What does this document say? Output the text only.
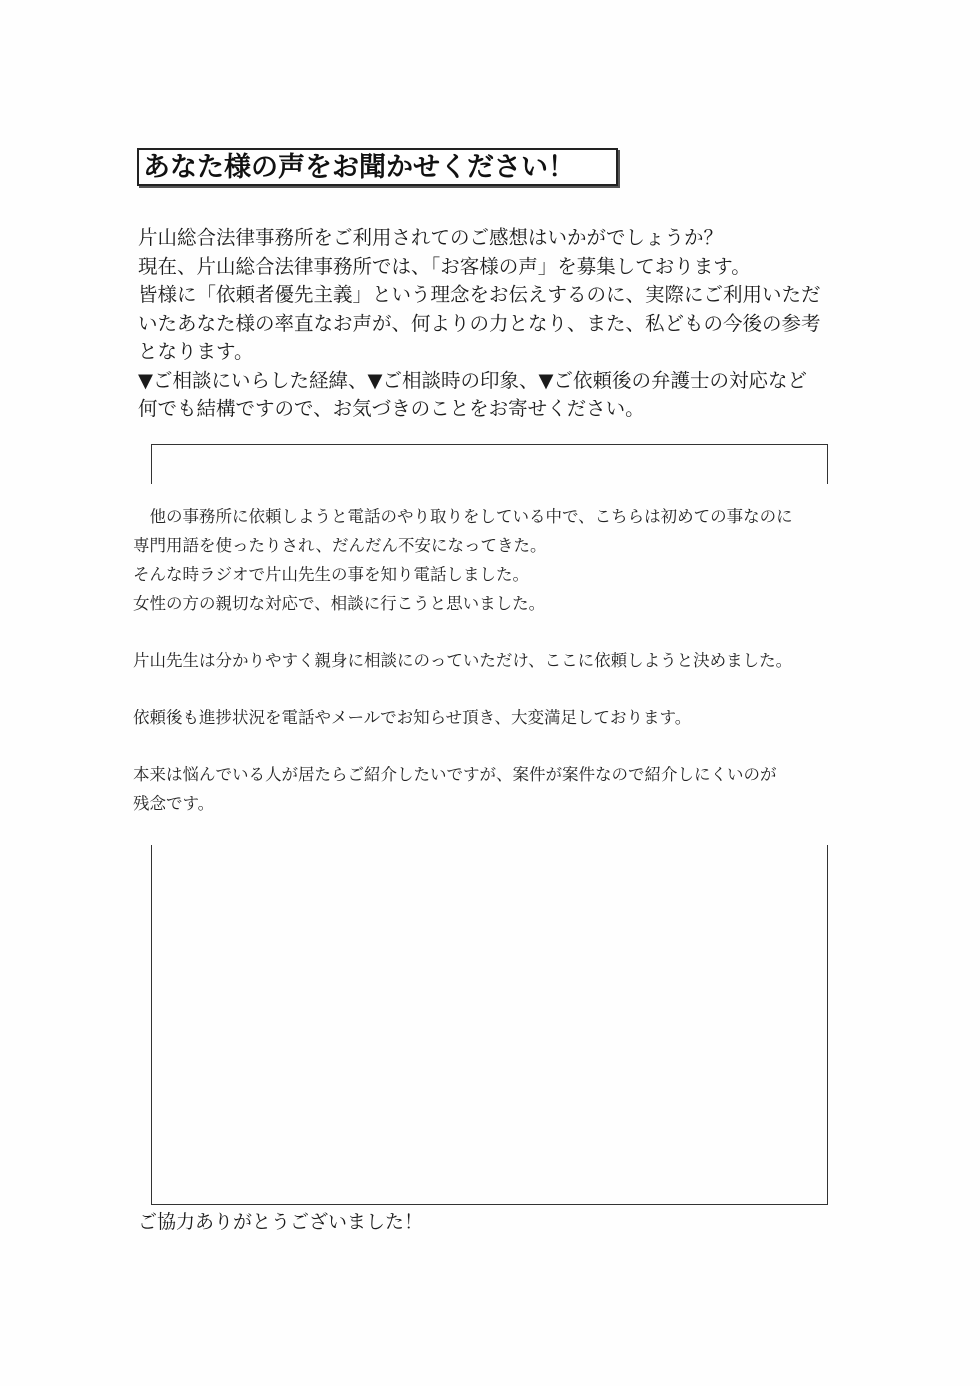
あなた様の声をお聞かせください！

片山総合法律事務所をご利用されてのご感想はいかがでしょうか？

現在、片山総合法律事務所では、「お客様の声」を募集しております。

皆様に「依頼者優先主義」という理念をお伝えするのに、実際にご利用いただ

いたあなた様の率直なお声が、何よりの力となり、また、私どもの今後の参考

となります。

▼ご相談にいらした経緯、▼ご相談時の印象、▼ご依頼後の弁護士の対応など

何でも結構ですので、お気づきのことをお寄せください。

　他の事務所に依頼しようと電話のやり取りをしている中で、こちらは初めての事なのに

専門用語を使ったりされ、だんだん不安になってきた。

そんな時ラジオで片山先生の事を知り電話しました。

女性の方の親切な対応で、相談に行こうと思いました。

片山先生は分かりやすく親身に相談にのっていただけ、ここに依頼しようと決めました。

依頼後も進捗状況を電話やメールでお知らせ頂き、大変満足しております。

本来は悩んでいる人が居たらご紹介したいですが、案件が案件なので紹介しにくいのが

残念です。

ご協力ありがとうございました！
